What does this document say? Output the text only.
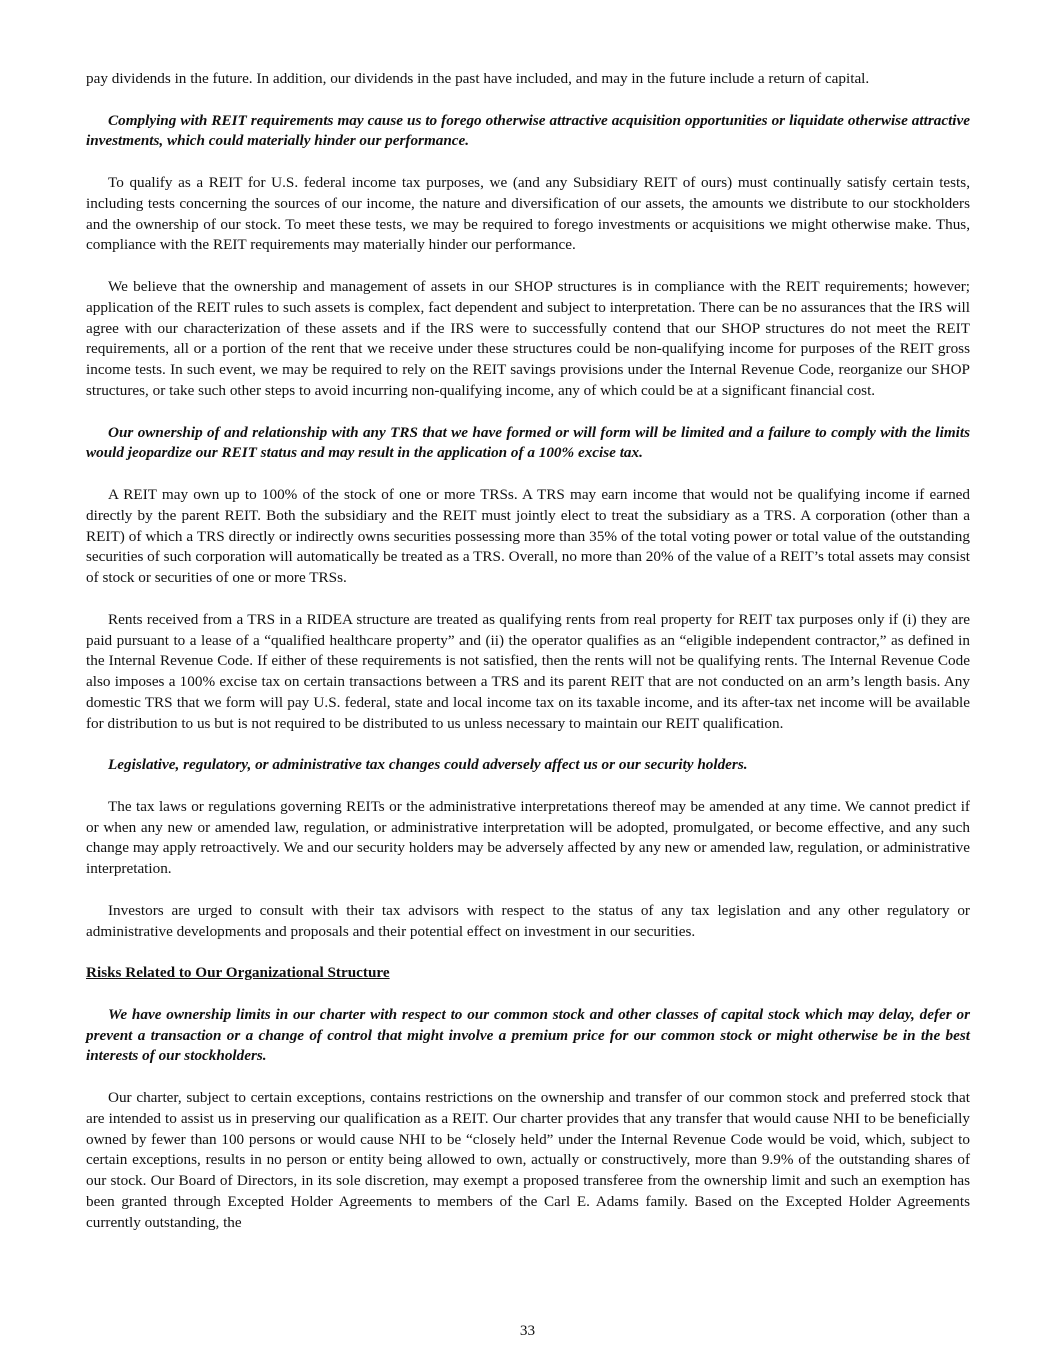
pay dividends in the future. In addition, our dividends in the past have included, and may in the future include a return of capital.

Complying with REIT requirements may cause us to forego otherwise attractive acquisition opportunities or liquidate otherwise attractive investments, which could materially hinder our performance.

To qualify as a REIT for U.S. federal income tax purposes, we (and any Subsidiary REIT of ours) must continually satisfy certain tests, including tests concerning the sources of our income, the nature and diversification of our assets, the amounts we distribute to our stockholders and the ownership of our stock. To meet these tests, we may be required to forego investments or acquisitions we might otherwise make. Thus, compliance with the REIT requirements may materially hinder our performance.

We believe that the ownership and management of assets in our SHOP structures is in compliance with the REIT requirements; however; application of the REIT rules to such assets is complex, fact dependent and subject to interpretation. There can be no assurances that the IRS will agree with our characterization of these assets and if the IRS were to successfully contend that our SHOP structures do not meet the REIT requirements, all or a portion of the rent that we receive under these structures could be non-qualifying income for purposes of the REIT gross income tests. In such event, we may be required to rely on the REIT savings provisions under the Internal Revenue Code, reorganize our SHOP structures, or take such other steps to avoid incurring non-qualifying income, any of which could be at a significant financial cost.

Our ownership of and relationship with any TRS that we have formed or will form will be limited and a failure to comply with the limits would jeopardize our REIT status and may result in the application of a 100% excise tax.

A REIT may own up to 100% of the stock of one or more TRSs. A TRS may earn income that would not be qualifying income if earned directly by the parent REIT. Both the subsidiary and the REIT must jointly elect to treat the subsidiary as a TRS. A corporation (other than a REIT) of which a TRS directly or indirectly owns securities possessing more than 35% of the total voting power or total value of the outstanding securities of such corporation will automatically be treated as a TRS. Overall, no more than 20% of the value of a REIT’s total assets may consist of stock or securities of one or more TRSs.

Rents received from a TRS in a RIDEA structure are treated as qualifying rents from real property for REIT tax purposes only if (i) they are paid pursuant to a lease of a “qualified healthcare property” and (ii) the operator qualifies as an “eligible independent contractor,” as defined in the Internal Revenue Code. If either of these requirements is not satisfied, then the rents will not be qualifying rents. The Internal Revenue Code also imposes a 100% excise tax on certain transactions between a TRS and its parent REIT that are not conducted on an arm’s length basis. Any domestic TRS that we form will pay U.S. federal, state and local income tax on its taxable income, and its after-tax net income will be available for distribution to us but is not required to be distributed to us unless necessary to maintain our REIT qualification.

Legislative, regulatory, or administrative tax changes could adversely affect us or our security holders.

The tax laws or regulations governing REITs or the administrative interpretations thereof may be amended at any time. We cannot predict if or when any new or amended law, regulation, or administrative interpretation will be adopted, promulgated, or become effective, and any such change may apply retroactively. We and our security holders may be adversely affected by any new or amended law, regulation, or administrative interpretation.

Investors are urged to consult with their tax advisors with respect to the status of any tax legislation and any other regulatory or administrative developments and proposals and their potential effect on investment in our securities.

Risks Related to Our Organizational Structure

We have ownership limits in our charter with respect to our common stock and other classes of capital stock which may delay, defer or prevent a transaction or a change of control that might involve a premium price for our common stock or might otherwise be in the best interests of our stockholders.

Our charter, subject to certain exceptions, contains restrictions on the ownership and transfer of our common stock and preferred stock that are intended to assist us in preserving our qualification as a REIT. Our charter provides that any transfer that would cause NHI to be beneficially owned by fewer than 100 persons or would cause NHI to be “closely held” under the Internal Revenue Code would be void, which, subject to certain exceptions, results in no person or entity being allowed to own, actually or constructively, more than 9.9% of the outstanding shares of our stock. Our Board of Directors, in its sole discretion, may exempt a proposed transferee from the ownership limit and such an exemption has been granted through Excepted Holder Agreements to members of the Carl E. Adams family. Based on the Excepted Holder Agreements currently outstanding, the

33
